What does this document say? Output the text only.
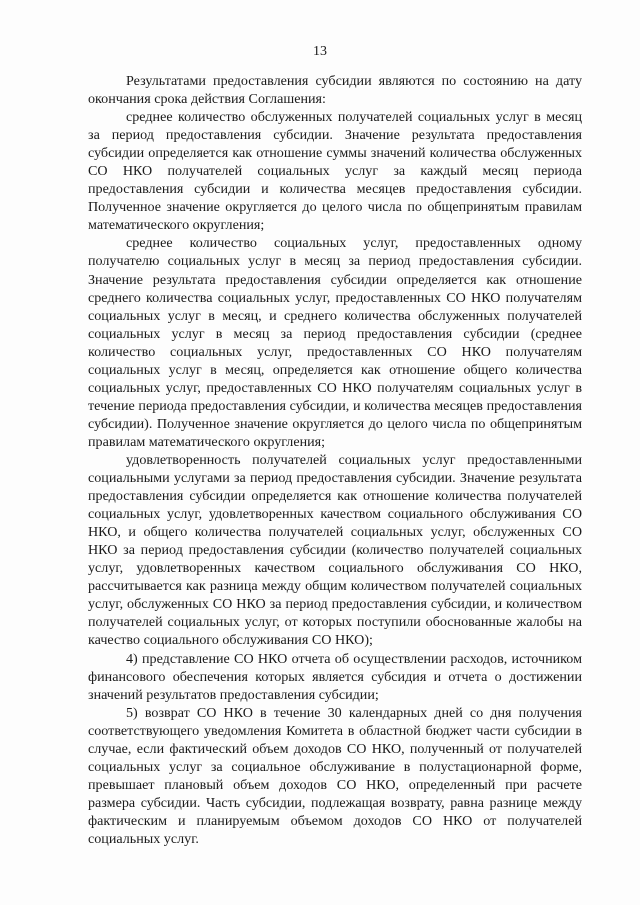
13

Результатами предоставления субсидии являются по состоянию на дату окончания срока действия Соглашения:

среднее количество обслуженных получателей социальных услуг в месяц за период предоставления субсидии. Значение результата предоставления субсидии определяется как отношение суммы значений количества обслуженных СО НКО получателей социальных услуг за каждый месяц периода предоставления субсидии и количества месяцев предоставления субсидии. Полученное значение округляется до целого числа по общепринятым правилам математического округления;

среднее количество социальных услуг, предоставленных одному получателю социальных услуг в месяц за период предоставления субсидии. Значение результата предоставления субсидии определяется как отношение среднего количества социальных услуг, предоставленных СО НКО получателям социальных услуг в месяц, и среднего количества обслуженных получателей социальных услуг в месяц за период предоставления субсидии (среднее количество социальных услуг, предоставленных СО НКО получателям социальных услуг в месяц, определяется как отношение общего количества социальных услуг, предоставленных СО НКО получателям социальных услуг в течение периода предоставления субсидии, и количества месяцев предоставления субсидии). Полученное значение округляется до целого числа по общепринятым правилам математического округления;

удовлетворенность получателей социальных услуг предоставленными социальными услугами за период предоставления субсидии. Значение результата предоставления субсидии определяется как отношение количества получателей социальных услуг, удовлетворенных качеством социального обслуживания СО НКО, и общего количества получателей социальных услуг, обслуженных СО НКО за период предоставления субсидии (количество получателей социальных услуг, удовлетворенных качеством социального обслуживания СО НКО, рассчитывается как разница между общим количеством получателей социальных услуг, обслуженных СО НКО за период предоставления субсидии, и количеством получателей социальных услуг, от которых поступили обоснованные жалобы на качество социального обслуживания СО НКО);

4) представление СО НКО отчета об осуществлении расходов, источником финансового обеспечения которых является субсидия и отчета о достижении значений результатов предоставления субсидии;

5) возврат СО НКО в течение 30 календарных дней со дня получения соответствующего уведомления Комитета в областной бюджет части субсидии в случае, если фактический объем доходов СО НКО, полученный от получателей социальных услуг за социальное обслуживание в полустационарной форме, превышает плановый объем доходов СО НКО, определенный при расчете размера субсидии. Часть субсидии, подлежащая возврату, равна разнице между фактическим и планируемым объемом доходов СО НКО от получателей социальных услуг.
